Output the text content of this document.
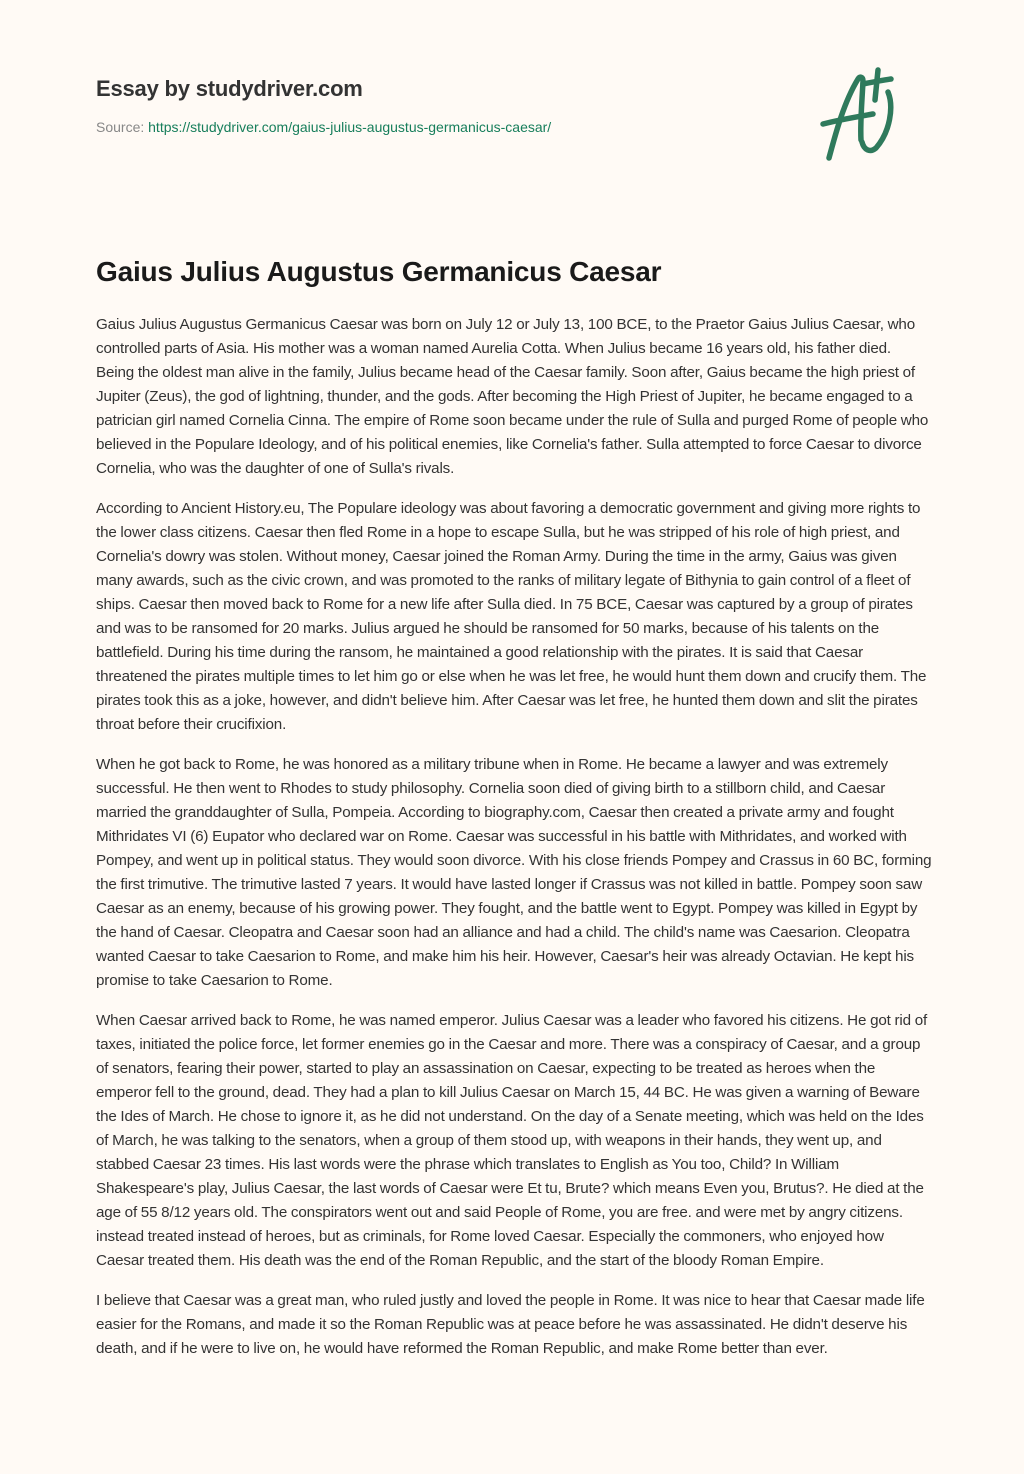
Essay by studydriver.com
Source: https://studydriver.com/gaius-julius-augustus-germanicus-caesar/
Gaius Julius Augustus Germanicus Caesar

Gaius Julius Augustus Germanicus Caesar was born on July 12 or July 13, 100 BCE, to the Praetor Gaius Julius Caesar, who controlled parts of Asia. His mother was a woman named Aurelia Cotta. When Julius became 16 years old, his father died. Being the oldest man alive in the family, Julius became head of the Caesar family. Soon after, Gaius became the high priest of Jupiter (Zeus), the god of lightning, thunder, and the gods. After becoming the High Priest of Jupiter, he became engaged to a patrician girl named Cornelia Cinna. The empire of Rome soon became under the rule of Sulla and purged Rome of people who believed in the Populare Ideology, and of his political enemies, like Cornelia's father. Sulla attempted to force Caesar to divorce Cornelia, who was the daughter of one of Sulla's rivals.

According to Ancient History.eu, The Populare ideology was about favoring a democratic government and giving more rights to the lower class citizens. Caesar then fled Rome in a hope to escape Sulla, but he was stripped of his role of high priest, and Cornelia's dowry was stolen. Without money, Caesar joined the Roman Army. During the time in the army, Gaius was given many awards, such as the civic crown, and was promoted to the ranks of military legate of Bithynia to gain control of a fleet of ships. Caesar then moved back to Rome for a new life after Sulla died. In 75 BCE, Caesar was captured by a group of pirates and was to be ransomed for 20 marks. Julius argued he should be ransomed for 50 marks, because of his talents on the battlefield. During his time during the ransom, he maintained a good relationship with the pirates. It is said that Caesar threatened the pirates multiple times to let him go or else when he was let free, he would hunt them down and crucify them. The pirates took this as a joke, however, and didn't believe him. After Caesar was let free, he hunted them down and slit the pirates throat before their crucifixion.

When he got back to Rome, he was honored as a military tribune when in Rome. He became a lawyer and was extremely successful. He then went to Rhodes to study philosophy. Cornelia soon died of giving birth to a stillborn child, and Caesar married the granddaughter of Sulla, Pompeia. According to biography.com, Caesar then created a private army and fought Mithridates VI (6) Eupator who declared war on Rome. Caesar was successful in his battle with Mithridates, and worked with Pompey, and went up in political status. They would soon divorce. With his close friends Pompey and Crassus in 60 BC, forming the first trimutive. The trimutive lasted 7 years. It would have lasted longer if Crassus was not killed in battle. Pompey soon saw Caesar as an enemy, because of his growing power. They fought, and the battle went to Egypt. Pompey was killed in Egypt by the hand of Caesar. Cleopatra and Caesar soon had an alliance and had a child. The child's name was Caesarion. Cleopatra wanted Caesar to take Caesarion to Rome, and make him his heir. However, Caesar's heir was already Octavian. He kept his promise to take Caesarion to Rome.

When Caesar arrived back to Rome, he was named emperor. Julius Caesar was a leader who favored his citizens. He got rid of taxes, initiated the police force, let former enemies go in the Caesar and more. There was a conspiracy of Caesar, and a group of senators, fearing their power, started to play an assassination on Caesar, expecting to be treated as heroes when the emperor fell to the ground, dead. They had a plan to kill Julius Caesar on March 15, 44 BC. He was given a warning of Beware the Ides of March. He chose to ignore it, as he did not understand. On the day of a Senate meeting, which was held on the Ides of March, he was talking to the senators, when a group of them stood up, with weapons in their hands, they went up, and stabbed Caesar 23 times. His last words were the phrase which translates to English as You too, Child? In William Shakespeare's play, Julius Caesar, the last words of Caesar were Et tu, Brute? which means Even you, Brutus?. He died at the age of 55 8/12 years old. The conspirators went out and said People of Rome, you are free. and were met by angry citizens. instead treated instead of heroes, but as criminals, for Rome loved Caesar. Especially the commoners, who enjoyed how Caesar treated them. His death was the end of the Roman Republic, and the start of the bloody Roman Empire.

I believe that Caesar was a great man, who ruled justly and loved the people in Rome. It was nice to hear that Caesar made life easier for the Romans, and made it so the Roman Republic was at peace before he was assassinated. He didn't deserve his death, and if he were to live on, he would have reformed the Roman Republic, and make Rome better than ever.
